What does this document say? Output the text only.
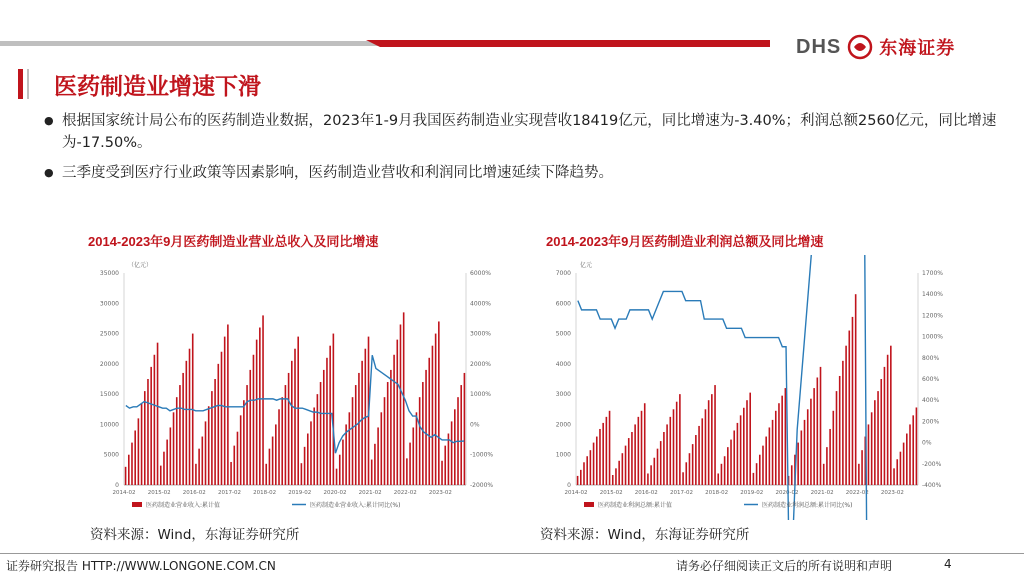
DHS 东海证券
医药制造业增速下滑
● 根据国家统计局公布的医药制造业数据，2023年1-9月我国医药制造业实现营收18419亿元，同比增速为-3.40%；利润总额2560亿元，同比增速为-17.50%。
● 三季度受到医疗行业政策等因素影响，医药制造业营收和利润同比增速延续下降趋势。
2014-2023年9月医药制造业营业总收入及同比增速	2014-2023年9月医药制造业利润总额及同比增速
35000
30000
25000
20000
15000
10000
5000
0
6000%
4000%
3000%
2000%
1000%
0%
-1000%
-2000%
（亿元）
2014-02 2015-02 2016-02 2017-02 2018-02 2019-02 2020-02 2021-02 2022-02 2023-02
医药制造业营业收入:累计值	医药制造业营业收入:累计同比(%)
7000
6000
5000
4000
3000
2000
1000
0
1700%
1400%
1200%
1000%
800%
600%
400%
200%
0%
-200%
-400%
亿元
2014-02 2015-02 2016-02 2017-02 2018-02 2019-02 2020-02 2021-02 2022-02 2023-02
医药制造业利润总额:累计值	医药制造业利润总额:累计同比(%)
资料来源：Wind，东海证券研究所	资料来源：Wind，东海证券研究所
证券研究报告 HTTP://WWW.LONGONE.COM.CN	请务必仔细阅读正文后的所有说明和声明	4
